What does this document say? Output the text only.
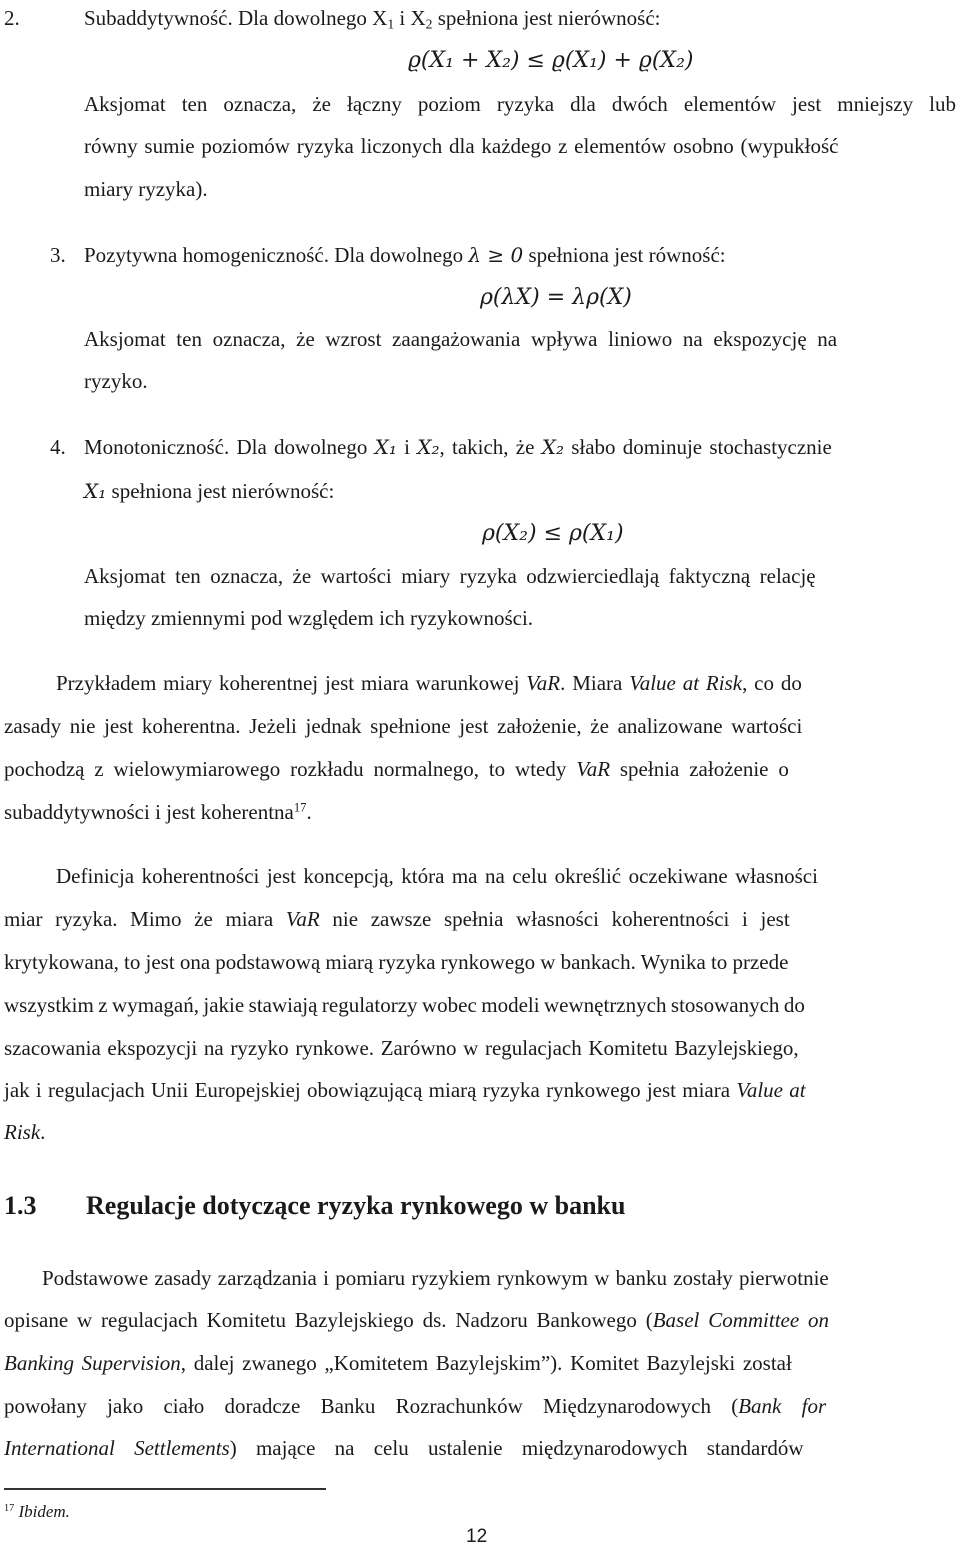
2.	Subaddytywność. Dla dowolnego $X_1$ i $X_2$ spełniona jest nierówność:
ϱ(X₁ + X₂) ≤ ϱ(X₁) + ϱ(X₂)
Aksjomat ten oznacza, że łączny poziom ryzyka dla dwóch elementów jest mniejszy lub
równy sumie poziomów ryzyka liczonych dla każdego z elementów osobno (wypukłość
miary ryzyka).
3. Pozytywna homogeniczność. Dla dowolnego λ ≥ 0 spełniona jest równość:
ρ(λX) = λρ(X)
Aksjomat ten oznacza, że wzrost zaangażowania wpływa liniowo na ekspozycję na
ryzyko.
4. Monotoniczność. Dla dowolnego X₁ i X₂, takich, że X₂ słabo dominuje stochastycznie
X₁ spełniona jest nierówność:
ρ(X₂) ≤ ρ(X₁)
Aksjomat ten oznacza, że wartości miary ryzyka odzwierciedlają faktyczną relację
między zmiennymi pod względem ich ryzykowności.
Przykładem miary koherentnej jest miara warunkowej VaR. Miara Value at Risk, co do
zasady nie jest koherentna. Jeżeli jednak spełnione jest założenie, że analizowane wartości
pochodzą z wielowymiarowego rozkładu normalnego, to wtedy VaR spełnia założenie o
subaddytywności i jest koherentna$^{17}$.
Definicja koherentności jest koncepcją, która ma na celu określić oczekiwane własności
miar ryzyka. Mimo że miara VaR nie zawsze spełnia własności koherentności i jest
krytykowana, to jest ona podstawową miarą ryzyka rynkowego w bankach. Wynika to przede
wszystkim z wymagań, jakie stawiają regulatorzy wobec modeli wewnętrznych stosowanych do
szacowania ekspozycji na ryzyko rynkowe. Zarówno w regulacjach Komitetu Bazylejskiego,
jak i regulacjach Unii Europejskiej obowiązującą miarą ryzyka rynkowego jest miara Value at
Risk.
1.3 Regulacje dotyczące ryzyka rynkowego w banku
Podstawowe zasady zarządzania i pomiaru ryzykiem rynkowym w banku zostały pierwotnie
opisane w regulacjach Komitetu Bazylejskiego ds. Nadzoru Bankowego (Basel Committee on
Banking Supervision, dalej zwanego „Komitetem Bazylejskim”). Komitet Bazylejski został
powołany jako ciało doradcze Banku Rozrachunków Międzynarodowych (Bank for
International Settlements) mające na celu ustalenie międzynarodowych standardów
$^{17}$ Ibidem.
12
